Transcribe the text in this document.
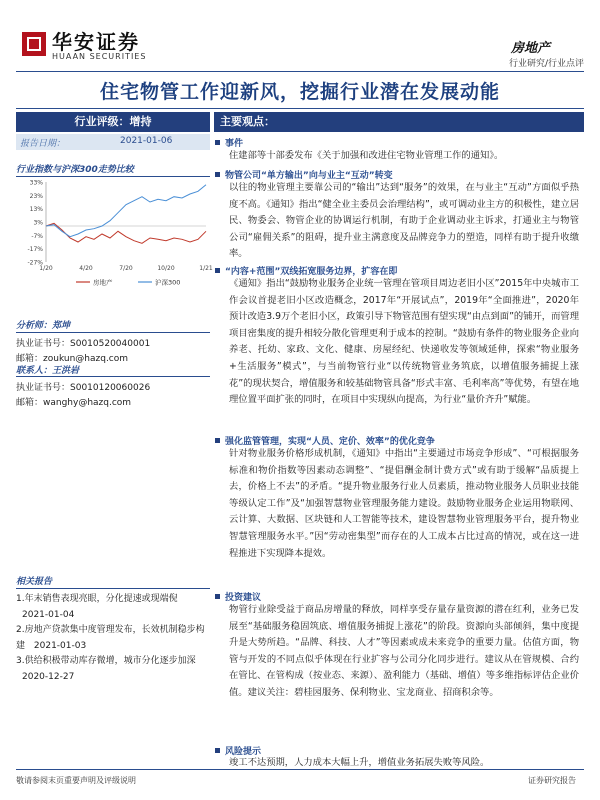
华安证券
HUAAN SECURITIES
房地产
行业研究/行业点评
住宅物管工作迎新风，挖掘行业潜在发展动能
行业评级：增持
报告日期：	2021-01-06
行业指数与沪深300走势比较
33%
23%
13%
3%
-7%
-17%
-27%
1/20	4/20	7/20	10/20	1/21
房地产	沪深300
分析师：郑坤
执业证书号：S0010520040001
邮箱：zoukun@hazq.com
联系人：王洪岩
执业证书号：S0010120060026
邮箱：wanghy@hazq.com
相关报告
1.年末销售表现亮眼，分化提速或现端倪 2021-01-04
2.房地产贷款集中度管理发布，长效机制稳步构建 2021-01-03
3.供给积极带动库存微增，城市分化逐步加深 2020-12-27
主要观点：
事件

住建部等十部委发布《关于加强和改进住宅物业管理工作的通知》。

物管公司“单方输出”向与业主“互动”转变

以往的物业管理主要靠公司的“输出”达到“服务”的效果，在与业主“互动”方面似乎热度不高。《通知》指出“健全业主委员会治理结构”，或可调动业主方的积极性，建立居民、物委会、物管企业的协调运行机制，有助于企业调动业主诉求，打通业主与物管公司“雇佣关系”的阻碍，提升业主满意度及品牌竞争力的塑造，同样有助于提升收缴率。

“内容+范围”双线拓宽服务边界，扩容在即

《通知》指出“鼓励物业服务企业统一管理在管项目周边老旧小区”2015年中央城市工作会议首提老旧小区改造概念，2017年“开展试点”，2019年“全面推进”，2020年预计改造3.9万个老旧小区，政策引导下物管范围有望实现“由点到面”的铺开，而管理项目密集度的提升相较分散化管理更利于成本的控制。“鼓励有条件的物业服务企业向养老、托幼、家政、文化、健康、房屋经纪、快递收发等领域延伸，探索“物业服务+生活服务”模式”，与当前物管行业“以传统物管业务筑底，以增值服务捕捉上涨花”的现状契合，增值服务和较基础物管具备“形式丰富、毛利率高”等优势，有望在地理位置平面扩张的同时，在项目中实现纵向提高，为行业“量价齐升”赋能。

强化监管管理，实现“人员、定价、效率”的优化竞争

针对物业服务价格形成机制，《通知》中指出“主要通过市场竞争形成”、“可根据服务标准和物价指数等因素动态调整”、“提倡酬金制计费方式”或有助于缓解“品质提上去，价格上不去”的矛盾。“提升物业服务行业人员素质，推动物业服务人员职业技能等级认定工作”及“加强智慧物业管理服务能力建设。鼓励物业服务企业运用物联网、云计算、大数据、区块链和人工智能等技术，建设智慧物业管理服务平台，提升物业智慧管理服务水平。”因“劳动密集型”而存在的人工成本占比过高的情况，或在这一进程推进下实现降本提效。

投资建议

物管行业除受益于商品房增量的释放，同样享受存量存量资源的潜在红利，业务已发展至“基础服务稳固筑底、增值服务捕捉上涨花”的阶段。资源向头部倾斜，集中度提升是大势所趋。“品牌、科技、人才”等因素或成未来竞争的重要力量。估值方面，物管与开发的不同点似乎体现在行业扩容与公司分化同步进行。建议从在管规模、合约在管比、在管构成（按业态、来源）、盈利能力（基础、增值）等多维指标评估企业价值。建议关注：碧桂园服务、保利物业、宝龙商业、招商积余等。

风险提示

竣工不达预期，人力成本大幅上升，增值业务拓展失败等风险。

敬请参阅末页重要声明及评级说明	证券研究报告
